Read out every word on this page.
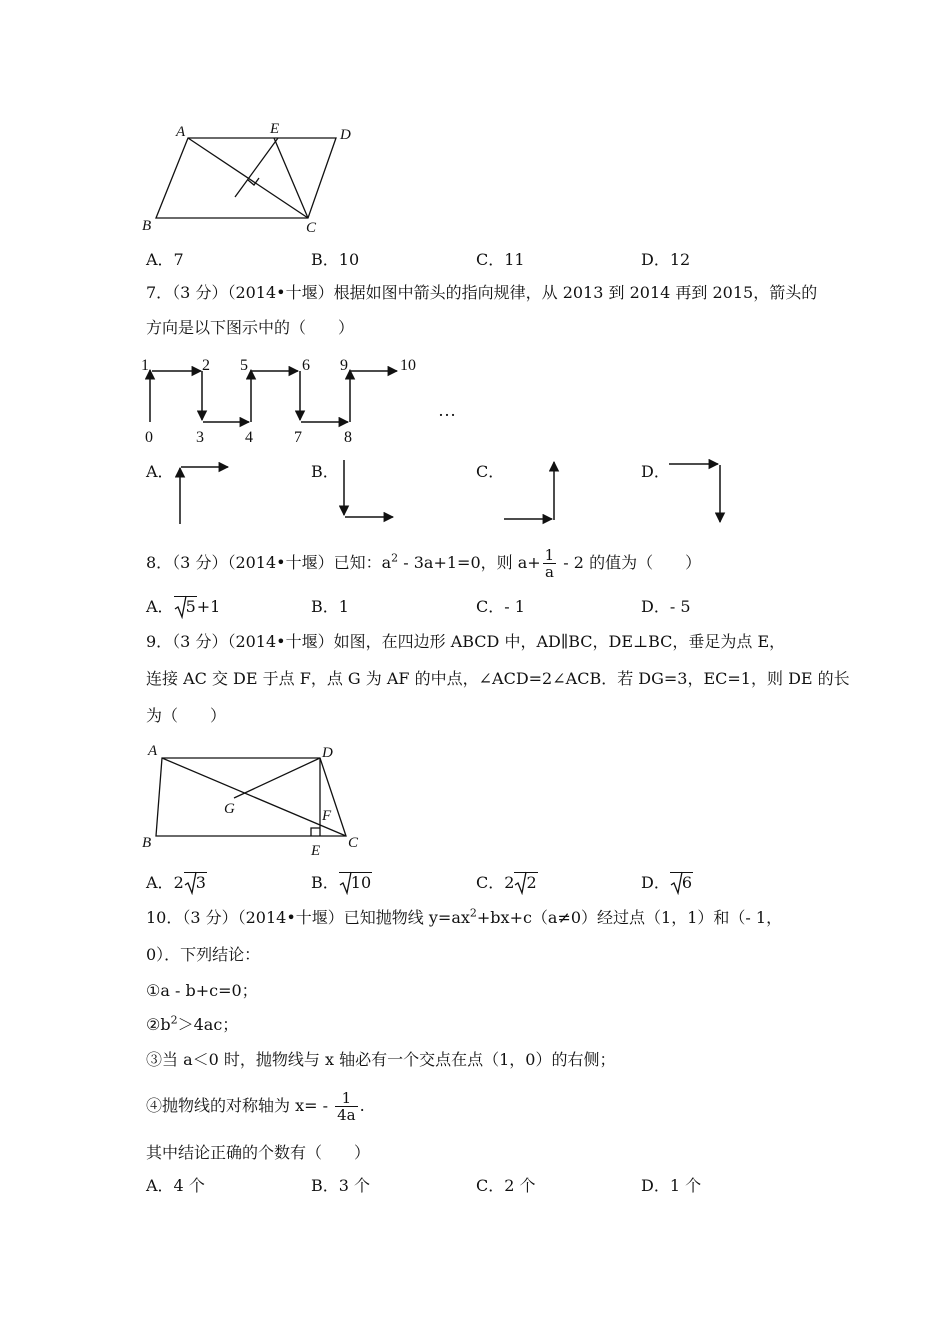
A	E	D
B	C
A．7	B．10	C．11	D．12
7．（3 分）（2014•十堰）根据如图中箭头的指向规律，从 2013 到 2014 再到 2015，箭头的
方向是以下图示中的（　　）
0
1	2
3	4
5	6
7	8
9	10
…
A．	B．	C．	D．
8．（3 分）（2014•十堰）已知：$a^2 - 3a+1=0$，则 $a+ \frac{1}{a} - 2$ 的值为（　　）
A． 5+1	B．1	C．- 1	D．- 5
9．（3 分）（2014•十堰）如图，在四边形 ABCD 中，AD∥BC，DE⊥BC，垂足为点 E，
连接 AC 交 DE 于点 F，点 G 为 AF 的中点，∠ACD=2∠ACB．若 DG=3，EC=1，则 DE 的长
为（　　）
A	D
G	F
B	E C
A．2 3	B． 10	C．2 2	D． 6
10．（3 分）（2014•十堰）已知抛物线 $y=ax^2+bx+c(a\ne 0)$经过点（1，1）和（- 1，
0）．下列结论：
①a - b+c=0；
$②b^2>4ac$；
③当 a＜0 时，抛物线与 x 轴必有一个交点在点（1，0）的右侧；
④抛物线的对称轴为 $x= - \frac{1}{4a}$ .
其中结论正确的个数有（　　）
A．4 个	B．3 个	C．2 个	D．1 个
